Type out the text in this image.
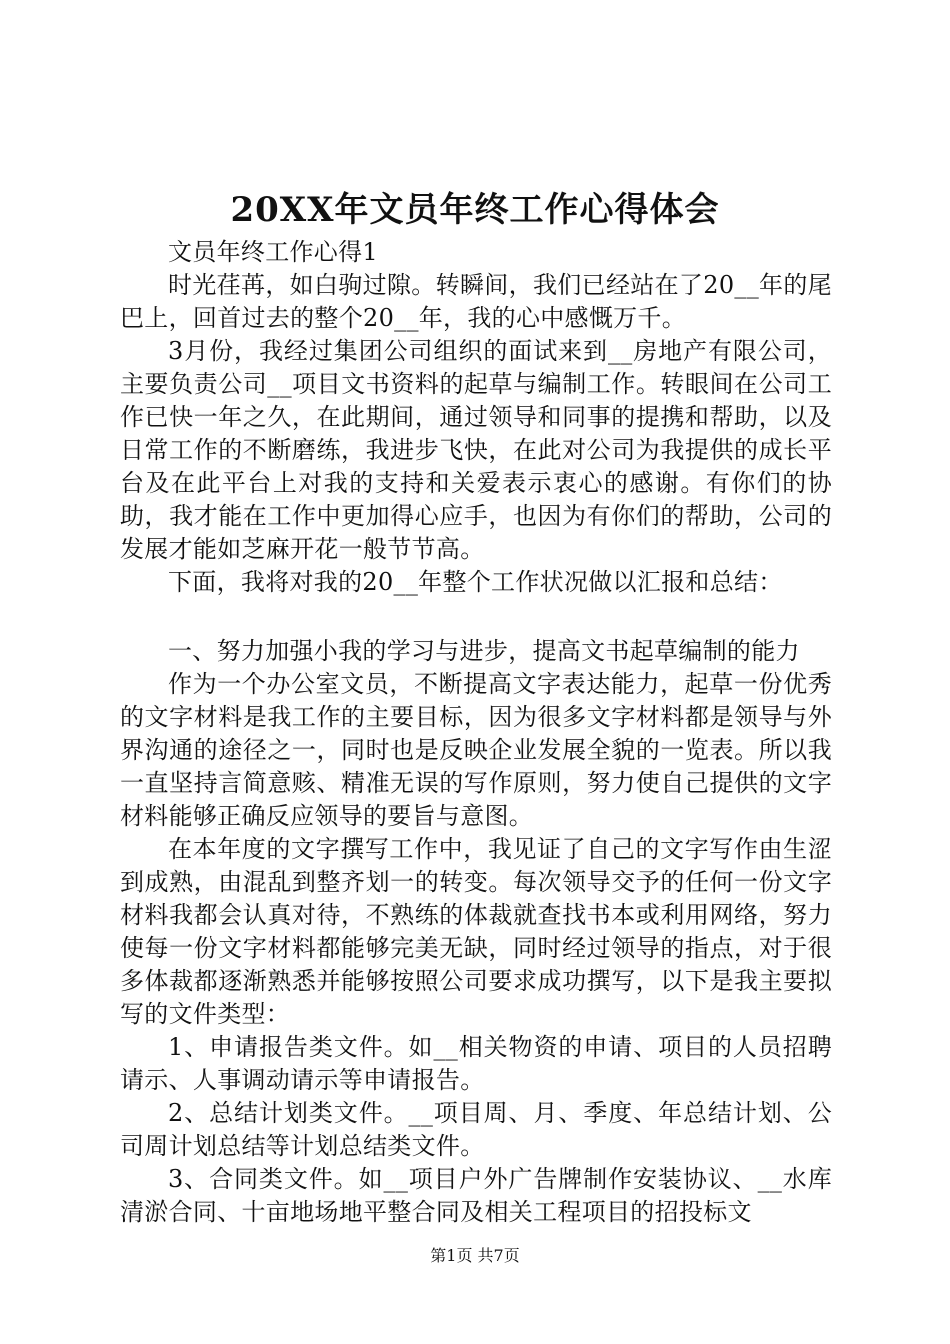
20XX年文员年终工作心得体会

文员年终工作心得1

时光荏苒，如白驹过隙。转瞬间，我们已经站在了20__年的尾巴上，回首过去的整个20__年，我的心中感慨万千。

3月份，我经过集团公司组织的面试来到__房地产有限公司，主要负责公司__项目文书资料的起草与编制工作。转眼间在公司工作已快一年之久，在此期间，通过领导和同事的提携和帮助，以及日常工作的不断磨练，我进步飞快，在此对公司为我提供的成长平台及在此平台上对我的支持和关爱表示衷心的感谢。有你们的协助，我才能在工作中更加得心应手，也因为有你们的帮助，公司的发展才能如芝麻开花一般节节高。

下面，我将对我的20__年整个工作状况做以汇报和总结：

一、努力加强小我的学习与进步，提高文书起草编制的能力

作为一个办公室文员，不断提高文字表达能力，起草一份优秀的文字材料是我工作的主要目标，因为很多文字材料都是领导与外界沟通的途径之一，同时也是反映企业发展全貌的一览表。所以我一直坚持言简意赅、精准无误的写作原则，努力使自己提供的文字材料能够正确反应领导的要旨与意图。

在本年度的文字撰写工作中，我见证了自己的文字写作由生涩到成熟，由混乱到整齐划一的转变。每次领导交予的任何一份文字材料我都会认真对待，不熟练的体裁就查找书本或利用网络，努力使每一份文字材料都能够完美无缺，同时经过领导的指点，对于很多体裁都逐渐熟悉并能够按照公司要求成功撰写，以下是我主要拟写的文件类型：

1、申请报告类文件。如__相关物资的申请、项目的人员招聘请示、人事调动请示等申请报告。

2、总结计划类文件。__项目周、月、季度、年总结计划、公司周计划总结等计划总结类文件。

3、合同类文件。如__项目户外广告牌制作安装协议、__水库清淤合同、十亩地场地平整合同及相关工程项目的招投标文

第1页 共7页
